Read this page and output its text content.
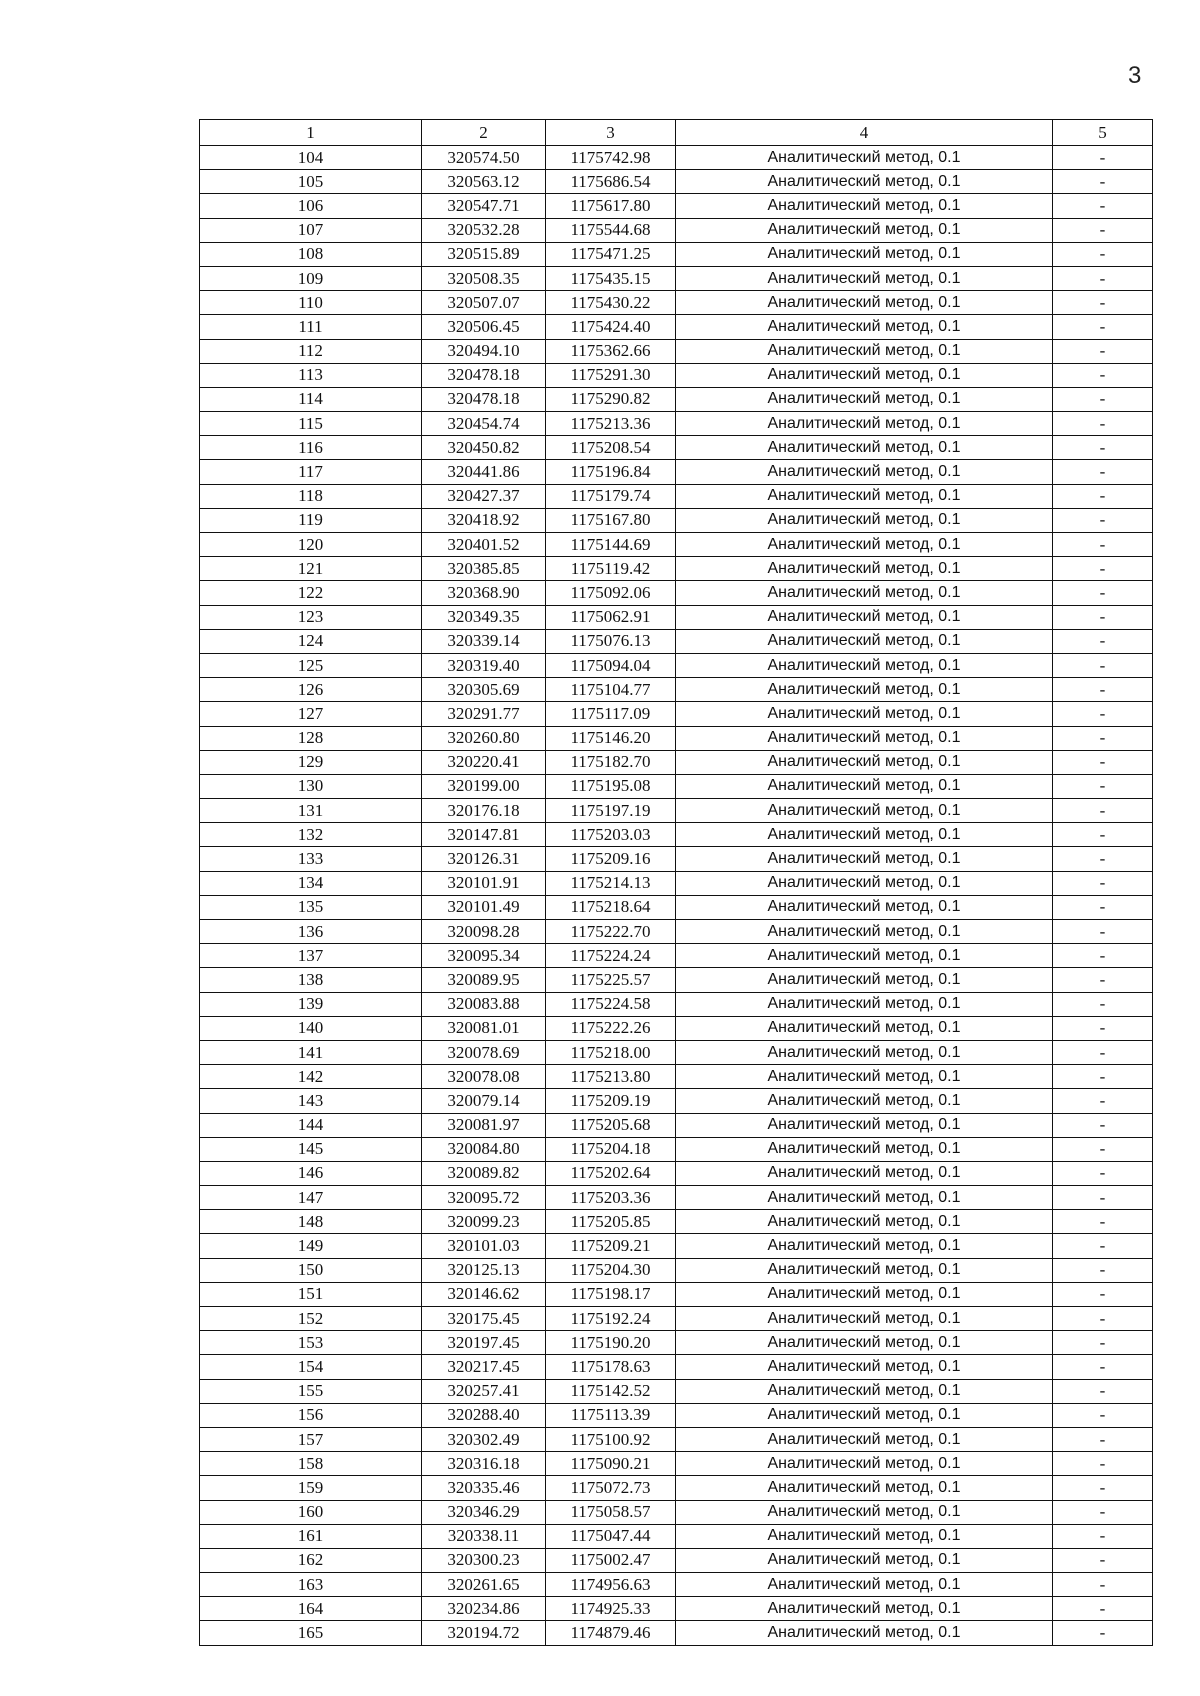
3
1	2	3	4	5
104	320574.50	1175742.98	Аналитический метод, 0.1	-
105	320563.12	1175686.54	Аналитический метод, 0.1	-
106	320547.71	1175617.80	Аналитический метод, 0.1	-
107	320532.28	1175544.68	Аналитический метод, 0.1	-
108	320515.89	1175471.25	Аналитический метод, 0.1	-
109	320508.35	1175435.15	Аналитический метод, 0.1	-
110	320507.07	1175430.22	Аналитический метод, 0.1	-
111	320506.45	1175424.40	Аналитический метод, 0.1	-
112	320494.10	1175362.66	Аналитический метод, 0.1	-
113	320478.18	1175291.30	Аналитический метод, 0.1	-
114	320478.18	1175290.82	Аналитический метод, 0.1	-
115	320454.74	1175213.36	Аналитический метод, 0.1	-
116	320450.82	1175208.54	Аналитический метод, 0.1	-
117	320441.86	1175196.84	Аналитический метод, 0.1	-
118	320427.37	1175179.74	Аналитический метод, 0.1	-
119	320418.92	1175167.80	Аналитический метод, 0.1	-
120	320401.52	1175144.69	Аналитический метод, 0.1	-
121	320385.85	1175119.42	Аналитический метод, 0.1	-
122	320368.90	1175092.06	Аналитический метод, 0.1	-
123	320349.35	1175062.91	Аналитический метод, 0.1	-
124	320339.14	1175076.13	Аналитический метод, 0.1	-
125	320319.40	1175094.04	Аналитический метод, 0.1	-
126	320305.69	1175104.77	Аналитический метод, 0.1	-
127	320291.77	1175117.09	Аналитический метод, 0.1	-
128	320260.80	1175146.20	Аналитический метод, 0.1	-
129	320220.41	1175182.70	Аналитический метод, 0.1	-
130	320199.00	1175195.08	Аналитический метод, 0.1	-
131	320176.18	1175197.19	Аналитический метод, 0.1	-
132	320147.81	1175203.03	Аналитический метод, 0.1	-
133	320126.31	1175209.16	Аналитический метод, 0.1	-
134	320101.91	1175214.13	Аналитический метод, 0.1	-
135	320101.49	1175218.64	Аналитический метод, 0.1	-
136	320098.28	1175222.70	Аналитический метод, 0.1	-
137	320095.34	1175224.24	Аналитический метод, 0.1	-
138	320089.95	1175225.57	Аналитический метод, 0.1	-
139	320083.88	1175224.58	Аналитический метод, 0.1	-
140	320081.01	1175222.26	Аналитический метод, 0.1	-
141	320078.69	1175218.00	Аналитический метод, 0.1	-
142	320078.08	1175213.80	Аналитический метод, 0.1	-
143	320079.14	1175209.19	Аналитический метод, 0.1	-
144	320081.97	1175205.68	Аналитический метод, 0.1	-
145	320084.80	1175204.18	Аналитический метод, 0.1	-
146	320089.82	1175202.64	Аналитический метод, 0.1	-
147	320095.72	1175203.36	Аналитический метод, 0.1	-
148	320099.23	1175205.85	Аналитический метод, 0.1	-
149	320101.03	1175209.21	Аналитический метод, 0.1	-
150	320125.13	1175204.30	Аналитический метод, 0.1	-
151	320146.62	1175198.17	Аналитический метод, 0.1	-
152	320175.45	1175192.24	Аналитический метод, 0.1	-
153	320197.45	1175190.20	Аналитический метод, 0.1	-
154	320217.45	1175178.63	Аналитический метод, 0.1	-
155	320257.41	1175142.52	Аналитический метод, 0.1	-
156	320288.40	1175113.39	Аналитический метод, 0.1	-
157	320302.49	1175100.92	Аналитический метод, 0.1	-
158	320316.18	1175090.21	Аналитический метод, 0.1	-
159	320335.46	1175072.73	Аналитический метод, 0.1	-
160	320346.29	1175058.57	Аналитический метод, 0.1	-
161	320338.11	1175047.44	Аналитический метод, 0.1	-
162	320300.23	1175002.47	Аналитический метод, 0.1	-
163	320261.65	1174956.63	Аналитический метод, 0.1	-
164	320234.86	1174925.33	Аналитический метод, 0.1	-
165	320194.72	1174879.46	Аналитический метод, 0.1	-
